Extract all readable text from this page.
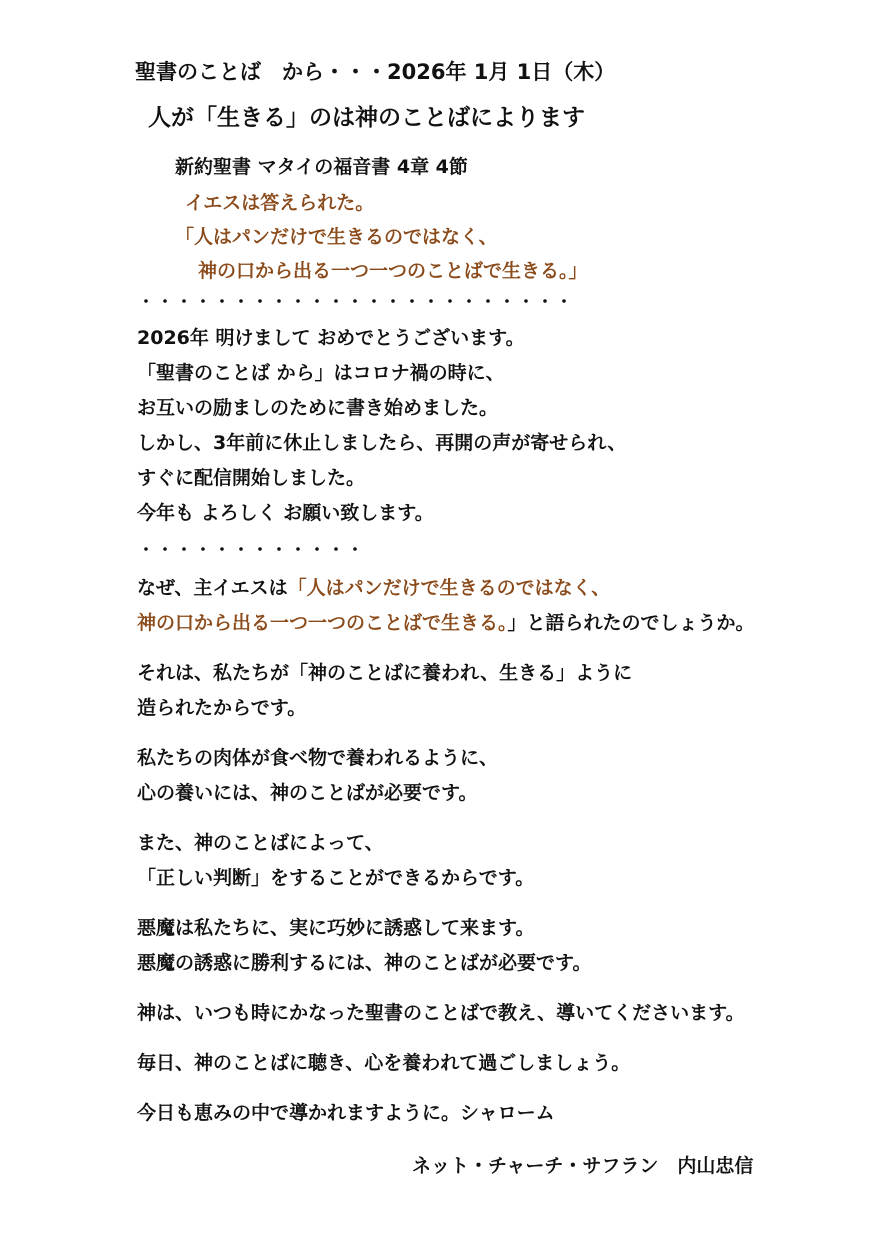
聖書のことば　から・・・2026年 1月 1日（木）
人が「生きる」のは神のことばによります
新約聖書 マタイの福音書 4章 4節
イエスは答えられた。
「人はパンだけで生きるのではなく、
神の口から出る一つ一つのことばで生きる。」
・・・・・・・・・・・・・・・・・・・・・・・
2026年 明けまして おめでとうございます。
「聖書のことば から」はコロナ禍の時に、
お互いの励ましのために書き始めました。
しかし、3年前に休止しましたら、再開の声が寄せられ、
すぐに配信開始しました。
今年も よろしく お願い致します。
・・・・・・・・・・・・
なぜ、主イエスは「人はパンだけで生きるのではなく、
神の口から出る一つ一つのことばで生きる。」と語られたのでしょうか。
それは、私たちが「神のことばに養われ、生きる」ように
造られたからです。
私たちの肉体が食べ物で養われるように、
心の養いには、神のことばが必要です。
また、神のことばによって、
「正しい判断」をすることができるからです。
悪魔は私たちに、実に巧妙に誘惑して来ます。
悪魔の誘惑に勝利するには、神のことばが必要です。
神は、いつも時にかなった聖書のことばで教え、導いてくださいます。
毎日、神のことばに聴き、心を養われて過ごしましょう。
今日も恵みの中で導かれますように。シャローム
ネット・チャーチ・サフラン　内山忠信
